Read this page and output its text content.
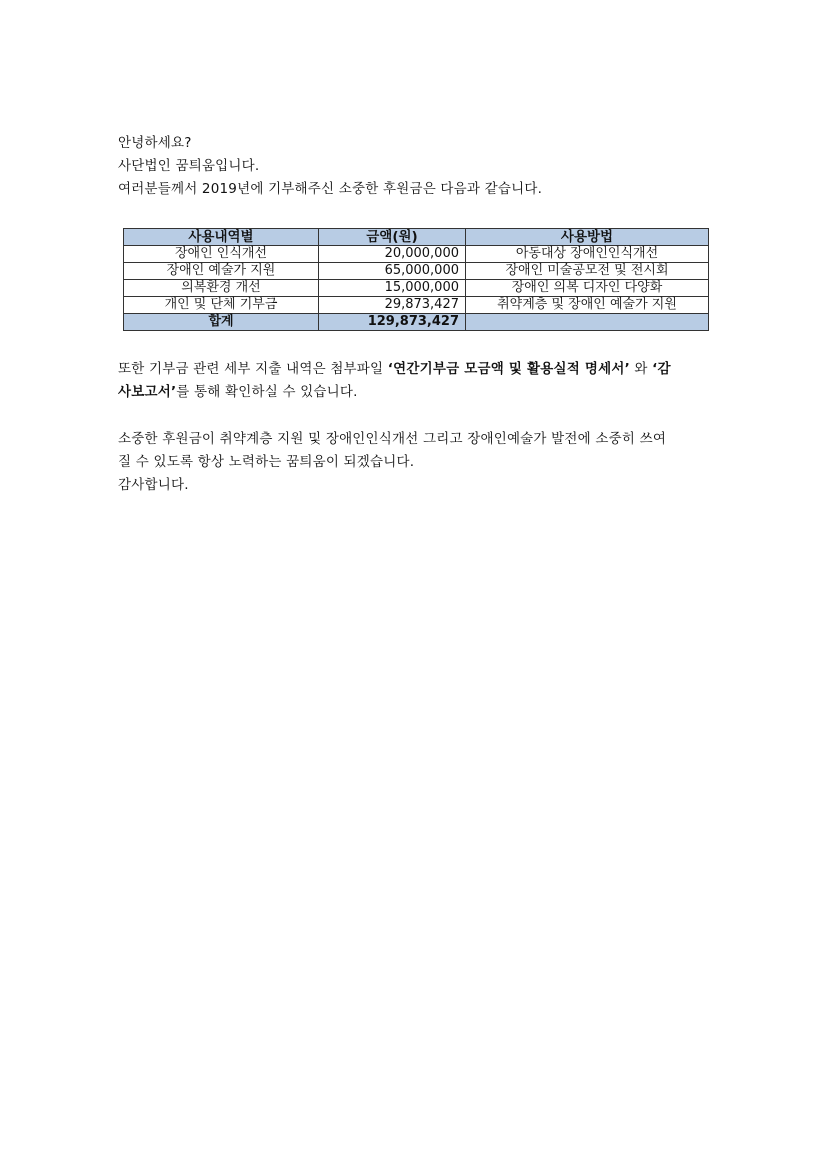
안녕하세요?
사단법인 꿈틔움입니다.
여러분들께서 2019년에 기부해주신 소중한 후원금은 다음과 같습니다.
사용내역별	금액(원)	사용방법
장애인 인식개선	20,000,000	아동대상 장애인인식개선
장애인 예술가 지원	65,000,000	장애인 미술공모전 및 전시회
의복환경 개선	15,000,000	장애인 의복 디자인 다양화
개인 및 단체 기부금	29,873,427	취약계층 및 장애인 예술가 지원
합계	129,873,427	
또한 기부금 관련 세부 지출 내역은 첨부파일 ‘연간기부금 모금액 및 활용실적 명세서’ 와 ‘감
사보고서’를 통해 확인하실 수 있습니다.
소중한 후원금이 취약계층 지원 및 장애인인식개선 그리고 장애인예술가 발전에 소중히 쓰여
질 수 있도록 항상 노력하는 꿈틔움이 되겠습니다.
감사합니다.
